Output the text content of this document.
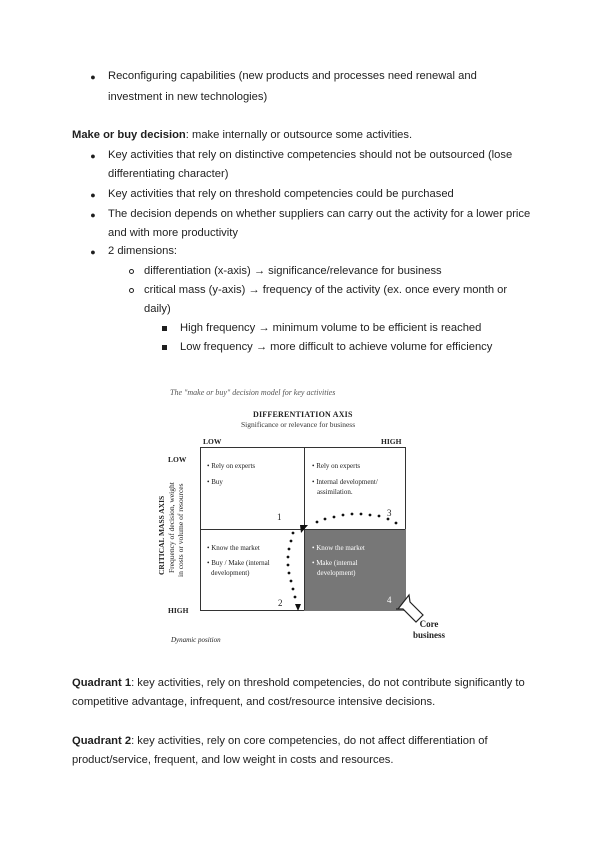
●	Reconfiguring capabilities (new products and processes need renewal and
investment in new technologies)
Make or buy decision: make internally or outsource some activities.
●	Key activities that rely on distinctive competencies should not be outsourced (lose
differentiating character)
●	Key activities that rely on threshold competencies could be purchased
●	The decision depends on whether suppliers can carry out the activity for a lower price
and with more productivity
●	2 dimensions:
differentiation (x-axis) → significance/relevance for business
critical mass (y-axis) → frequency of the activity (ex. once every month or
daily)
High frequency → minimum volume to be efficient is reached
Low frequency → more difficult to achieve volume for efficiency
The "make or buy" decision model for key activities
DIFFERENTIATION AXIS
Significance or relevance for business
LOW	HIGH
LOW
HIGH
CRITICAL MASS AXIS Frequency of decision, weight in costs or volume of resources
• Rely on experts
• Buy
1
• Rely on experts
• Internal development/
assimilation.
3
• Know the market
• Buy / Make (internal
development)
2
• Know the market
• Make (internal
development)
4
Dynamic position
Core
business
Quadrant 1: key activities, rely on threshold competencies, do not contribute significantly to
competitive advantage, infrequent, and cost/resource intensive decisions.
Quadrant 2: key activities, rely on core competencies, do not affect differentiation of
product/service, frequent, and low weight in costs and resources.
